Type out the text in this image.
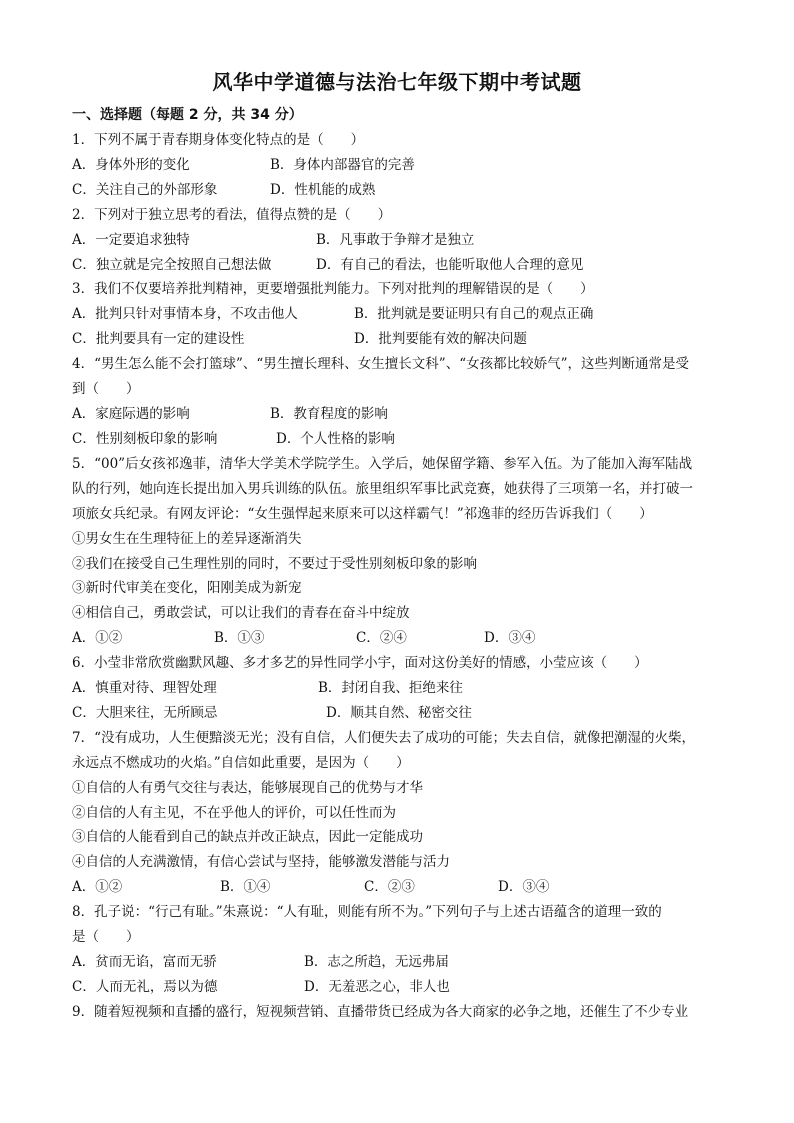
风华中学道德与法治七年级下期中考试题
一、选择题（每题 2 分，共 34 分）
1．下列不属于青春期身体变化特点的是（　　）
A．身体外形的变化	B．身体内部器官的完善
C．关注自己的外部形象	D．性机能的成熟
2．下列对于独立思考的看法，值得点赞的是（　　）
A．一定要追求独特	B．凡事敢于争辩才是独立
C．独立就是完全按照自己想法做	D．有自己的看法，也能听取他人合理的意见
3．我们不仅要培养批判精神，更要增强批判能力。下列对批判的理解错误的是（　　）
A．批判只针对事情本身，不攻击他人	B．批判就是要证明只有自己的观点正确
C．批判要具有一定的建设性	D．批判要能有效的解决问题
4．“男生怎么能不会打篮球”、“男生擅长理科、女生擅长文科”、“女孩都比较娇气”，这些判断通常是受
到（　　）
A．家庭际遇的影响	B．教育程度的影响
C．性别刻板印象的影响	D．个人性格的影响
5．“00”后女孩祁逸菲，清华大学美术学院学生。入学后，她保留学籍、参军入伍。为了能加入海军陆战
队的行列，她向连长提出加入男兵训练的队伍。旅里组织军事比武竞赛，她获得了三项第一名，并打破一
项旅女兵纪录。有网友评论：“女生强悍起来原来可以这样霸气！”祁逸菲的经历告诉我们（　　）
①男女生在生理特征上的差异逐渐消失
②我们在接受自己生理性别的同时，不要过于受性别刻板印象的影响
③新时代审美在变化，阳刚美成为新宠
④相信自己，勇敢尝试，可以让我们的青春在奋斗中绽放
A．①②	B．①③	C．②④	D．③④
6．小莹非常欣赏幽默风趣、多才多艺的异性同学小宇，面对这份美好的情感，小莹应该（　　）
A．慎重对待、理智处理	B．封闭自我、拒绝来往
C．大胆来往，无所顾忌	D．顺其自然、秘密交往
7．“没有成功，人生便黯淡无光；没有自信，人们便失去了成功的可能；失去自信，就像把潮湿的火柴，
永远点不燃成功的火焰。”自信如此重要，是因为（　　）
①自信的人有勇气交往与表达，能够展现自己的优势与才华
②自信的人有主见，不在乎他人的评价，可以任性而为
③自信的人能看到自己的缺点并改正缺点，因此一定能成功
④自信的人充满激情，有信心尝试与坚持，能够激发潜能与活力
A．①②	B．①④	C．②③	D．③④
8．孔子说：“行己有耻。”朱熹说：“人有耻，则能有所不为。”下列句子与上述古语蕴含的道理一致的
是（　　）
A．贫而无谄，富而无骄	B．志之所趋，无远弗届
C．人而无礼，焉以为德	D．无羞恶之心，非人也
9．随着短视频和直播的盛行，短视频营销、直播带货已经成为各大商家的必争之地，还催生了不少专业
